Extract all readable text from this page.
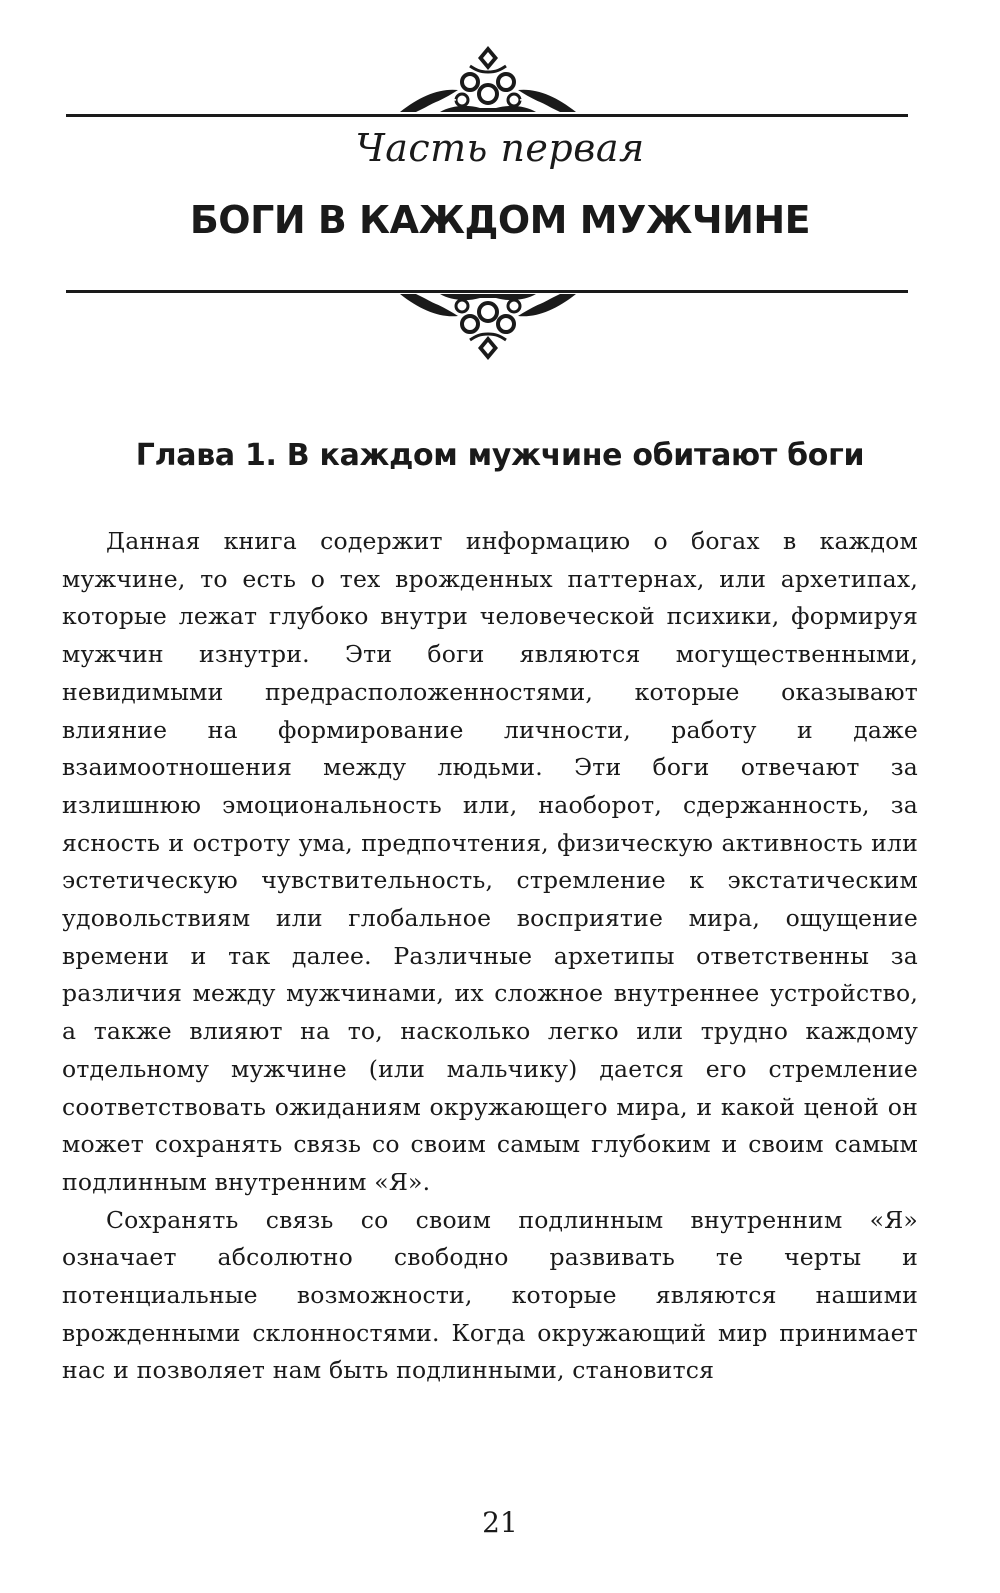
Часть первая
БОГИ В КАЖДОМ МУЖЧИНЕ
Глава 1. В каждом мужчине обитают боги

Данная книга содержит информацию о богах в каждом мужчине, то есть о тех врожденных паттернах, или архетипах, которые лежат глубоко внутри человеческой психики, формируя мужчин изнутри. Эти боги являются могущественными, невидимыми предрасположенностями, которые оказывают влияние на формирование личности, работу и даже взаимоотношения между людьми. Эти боги отвечают за излишнюю эмоциональность или, наоборот, сдержанность, за ясность и остроту ума, предпочтения, физическую активность или эстетическую чувствительность, стремление к экстатическим удовольствиям или глобальное восприятие мира, ощущение времени и так далее. Различные архетипы ответственны за различия между мужчинами, их сложное внутреннее устройство, а также влияют на то, насколько легко или трудно каждому отдельному мужчине (или мальчику) дается его стремление соответствовать ожиданиям окружающего мира, и какой ценой он может сохранять связь со своим самым глубоким и своим самым подлинным внутренним «Я».

Сохранять связь со своим подлинным внутренним «Я» означает абсолютно свободно развивать те черты и потенциальные возможности, которые являются нашими врожденными склонностями. Когда окружающий мир принимает нас и позволяет нам быть подлинными, становится

21
